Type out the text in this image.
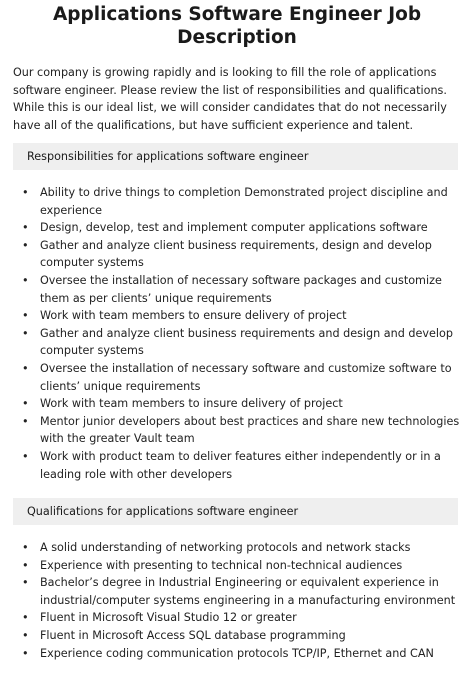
Applications Software Engineer Job Description

Our company is growing rapidly and is looking to fill the role of applications software engineer. Please review the list of responsibilities and qualifications. While this is our ideal list, we will consider candidates that do not necessarily have all of the qualifications, but have sufficient experience and talent.

Responsibilities for applications software engineer
• Ability to drive things to completion Demonstrated project discipline and experience
• Design, develop, test and implement computer applications software
• Gather and analyze client business requirements, design and develop computer systems
• Oversee the installation of necessary software packages and customize them as per clients’ unique requirements
• Work with team members to ensure delivery of project
• Gather and analyze client business requirements and design and develop computer systems
• Oversee the installation of necessary software and customize software to clients’ unique requirements
• Work with team members to insure delivery of project
• Mentor junior developers about best practices and share new technologies with the greater Vault team
• Work with product team to deliver features either independently or in a leading role with other developers
Qualifications for applications software engineer
• A solid understanding of networking protocols and network stacks
• Experience with presenting to technical non-technical audiences
• Bachelor’s degree in Industrial Engineering or equivalent experience in industrial/computer systems engineering in a manufacturing environment
• Fluent in Microsoft Visual Studio 12 or greater
• Fluent in Microsoft Access SQL database programming
• Experience coding communication protocols TCP/IP, Ethernet and CAN
